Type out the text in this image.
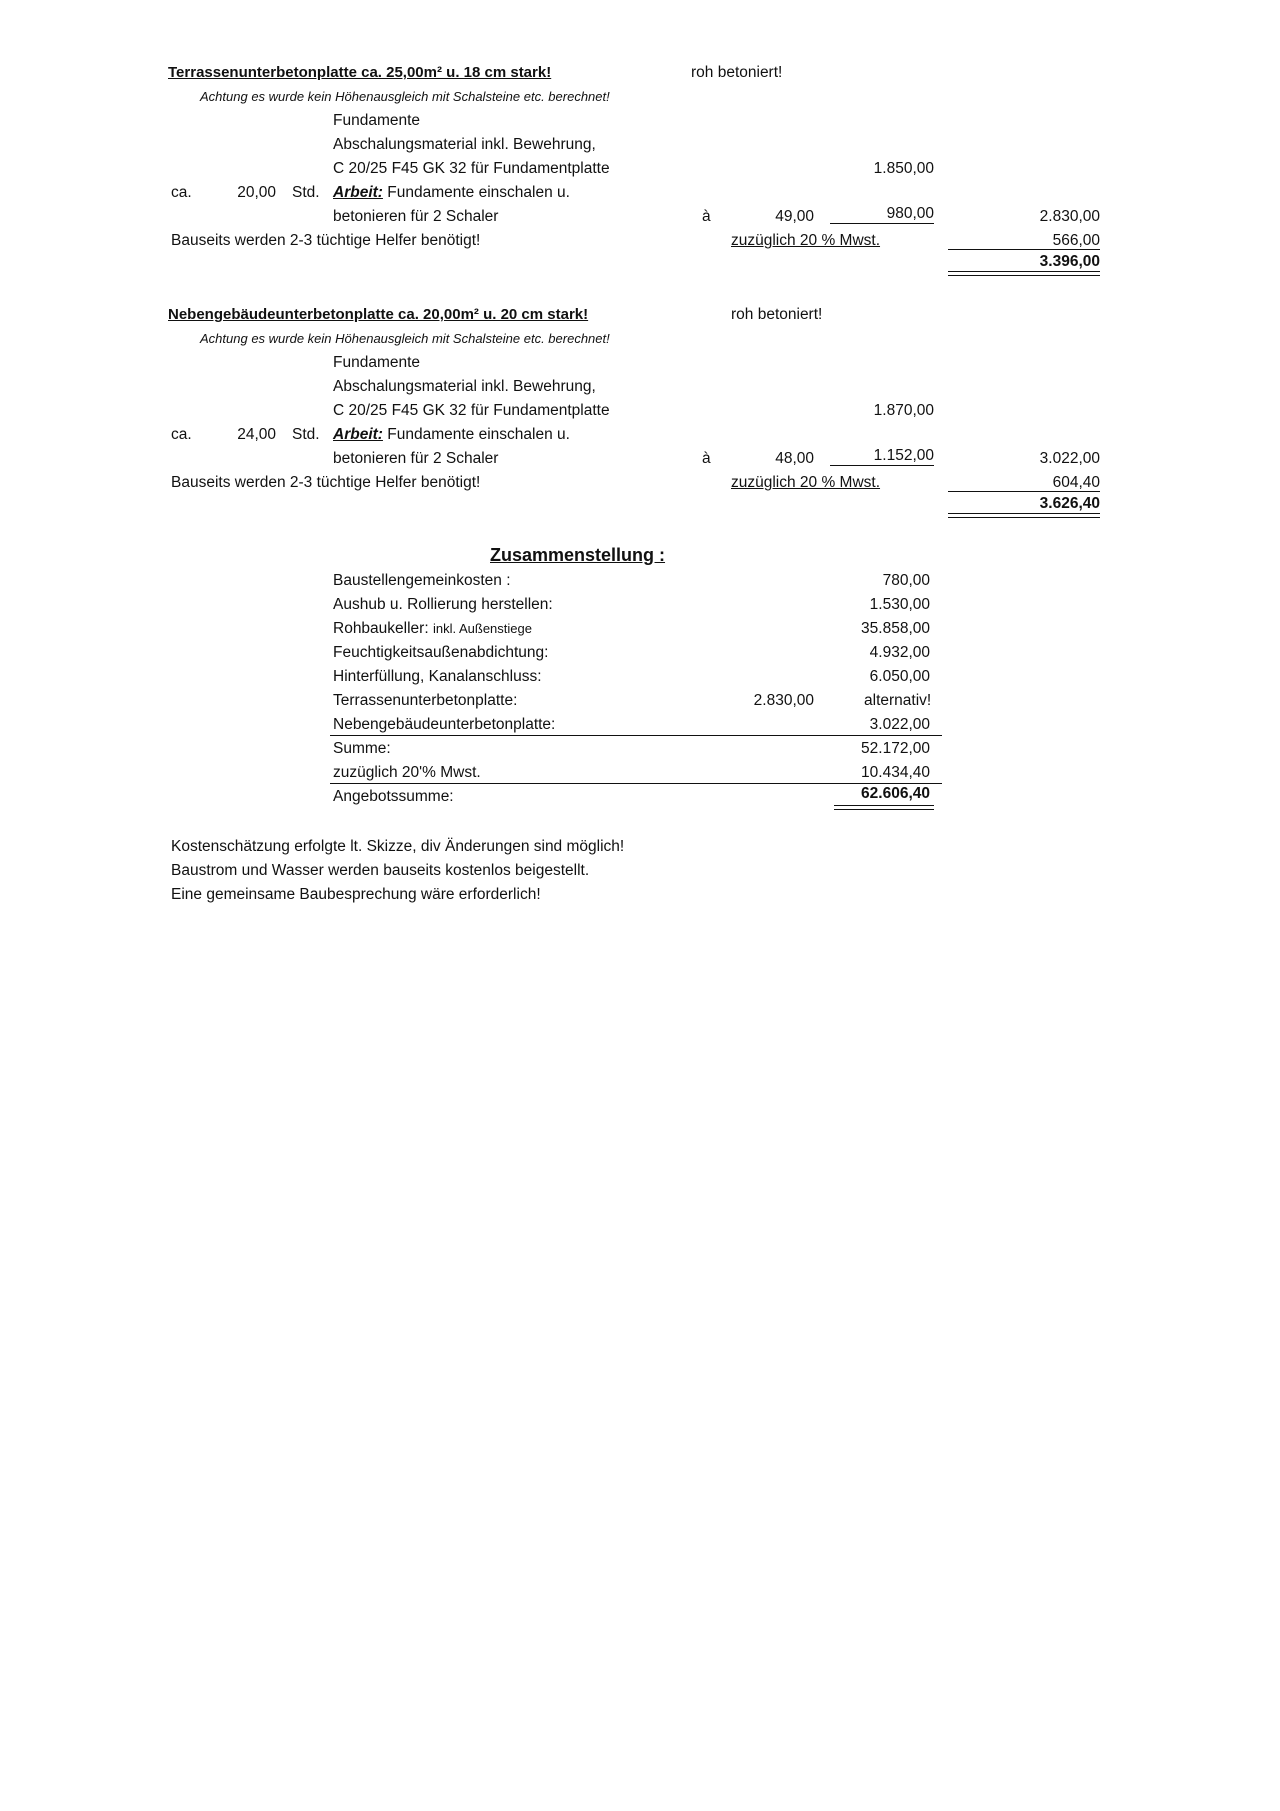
Terrassenunterbetonplatte ca. 25,00m² u. 18 cm stark!	roh betoniert!
Achtung es wurde kein Höhenausgleich mit Schalsteine etc. berechnet!
Fundamente
Abschalungsmaterial inkl. Bewehrung,
C 20/25 F45 GK 32 für Fundamentplatte	1.850,00
ca.	20,00 Std. Arbeit: Fundamente einschalen u.
betonieren für 2 Schaler	à	49,00	980,00	2.830,00
Bauseits werden 2-3 tüchtige Helfer benötigt!	zuzüglich 20 % Mwst.	566,00
3.396,00
Nebengebäudeunterbetonplatte ca. 20,00m² u. 20 cm stark!	roh betoniert!
Achtung es wurde kein Höhenausgleich mit Schalsteine etc. berechnet!
Fundamente
Abschalungsmaterial inkl. Bewehrung,
C 20/25 F45 GK 32 für Fundamentplatte	1.870,00
ca.	24,00 Std. Arbeit: Fundamente einschalen u.
betonieren für 2 Schaler	à	48,00	1.152,00	3.022,00
Bauseits werden 2-3 tüchtige Helfer benötigt!	zuzüglich 20 % Mwst.	604,40
3.626,40
Zusammenstellung :
Baustellengemeinkosten :	780,00
Aushub u. Rollierung herstellen:	1.530,00
Rohbaukeller: inkl. Außenstiege	35.858,00
Feuchtigkeitsaußenabdichtung:	4.932,00
Hinterfüllung, Kanalanschluss:	6.050,00
Terrassenunterbetonplatte:	2.830,00	alternativ!
Nebengebäudeunterbetonplatte:	3.022,00
Summe:	52.172,00
zuzüglich 20'% Mwst.	10.434,40
Angebotssumme:	62.606,40
Kostenschätzung erfolgte lt. Skizze, div Änderungen sind möglich!
Baustrom und Wasser werden bauseits kostenlos beigestellt.
Eine gemeinsame Baubesprechung wäre erforderlich!
